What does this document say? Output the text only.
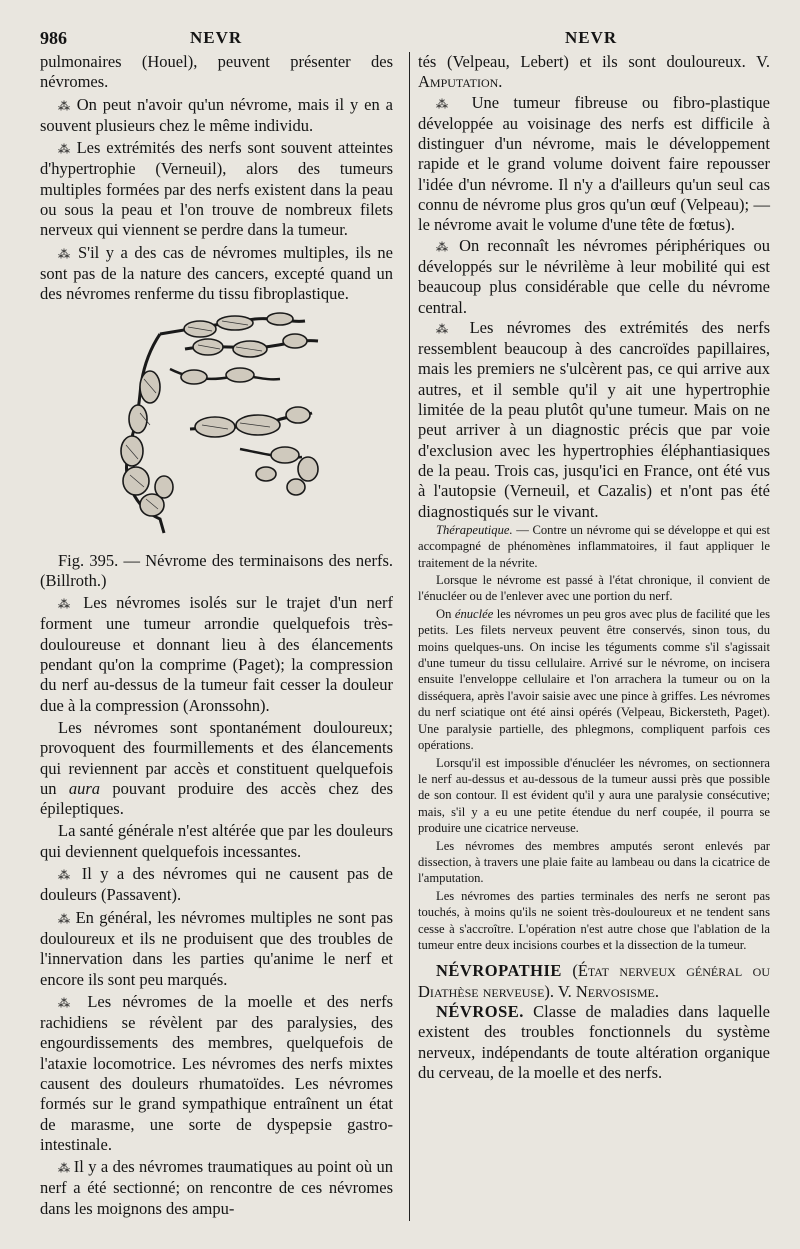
986	NEVR	NEVR

pulmonaires (Houel), peuvent présenter des névromes.

⁂ On peut n'avoir qu'un névrome, mais il y en a souvent plusieurs chez le même individu.

⁂ Les extrémités des nerfs sont souvent atteintes d'hypertrophie (Verneuil), alors des tumeurs multiples formées par des nerfs existent dans la peau ou sous la peau et l'on trouve de nombreux filets nerveux qui viennent se perdre dans la tumeur.

⁂ S'il y a des cas de névromes multiples, ils ne sont pas de la nature des cancers, excepté quand un des névromes renferme du tissu fibroplastique.

Fig. 395. — Névrome des terminaisons des nerfs. (Billroth.)

⁂ Les névromes isolés sur le trajet d'un nerf forment une tumeur arrondie quelquefois très-douloureuse et donnant lieu à des élancements pendant qu'on la comprime (Paget); la compression du nerf au-dessus de la tumeur fait cesser la douleur due à la compression (Aronssohn).

Les névromes sont spontanément douloureux; provoquent des fourmillements et des élancements qui reviennent par accès et constituent quelquefois un aura pouvant produire des accès chez des épileptiques.

La santé générale n'est altérée que par les douleurs qui deviennent quelquefois incessantes.

⁂ Il y a des névromes qui ne causent pas de douleurs (Passavent).

⁂ En général, les névromes multiples ne sont pas douloureux et ils ne produisent que des troubles de l'innervation dans les parties qu'anime le nerf et encore ils sont peu marqués.

⁂ Les névromes de la moelle et des nerfs rachidiens se révèlent par des paralysies, des engourdissements des membres, quelquefois de l'ataxie locomotrice. Les névromes des nerfs mixtes causent des douleurs rhumatoïdes. Les névromes formés sur le grand sympathique entraînent un état de marasme, une sorte de dyspepsie gastro-intestinale.

⁂ Il y a des névromes traumatiques au point où un nerf a été sectionné; on rencontre de ces névromes dans les moignons des ampu-

tés (Velpeau, Lebert) et ils sont douloureux. V. Amputation.

⁂ Une tumeur fibreuse ou fibro-plastique développée au voisinage des nerfs est difficile à distinguer d'un névrome, mais le développement rapide et le grand volume doivent faire repousser l'idée d'un névrome. Il n'y a d'ailleurs qu'un seul cas connu de névrome plus gros qu'un œuf (Velpeau); — le névrome avait le volume d'une tête de fœtus).

⁂ On reconnaît les névromes périphériques ou développés sur le névrilème à leur mobilité qui est beaucoup plus considérable que celle du névrome central.

⁂ Les névromes des extrémités des nerfs ressemblent beaucoup à des cancroïdes papillaires, mais les premiers ne s'ulcèrent pas, ce qui arrive aux autres, et il semble qu'il y ait une hypertrophie limitée de la peau plutôt qu'une tumeur. Mais on ne peut arriver à un diagnostic précis que par voie d'exclusion avec les hypertrophies éléphantiasiques de la peau. Trois cas, jusqu'ici en France, ont été vus à l'autopsie (Verneuil, et Cazalis) et n'ont pas été diagnostiqués sur le vivant.

Thérapeutique. — Contre un névrome qui se développe et qui est accompagné de phénomènes inflammatoires, il faut appliquer le traitement de la névrite.

Lorsque le névrome est passé à l'état chronique, il convient de l'énucléer ou de l'enlever avec une portion du nerf.

On énuclée les névromes un peu gros avec plus de facilité que les petits. Les filets nerveux peuvent être conservés, sinon tous, du moins quelques-uns. On incise les téguments comme s'il s'agissait d'une tumeur du tissu cellulaire. Arrivé sur le névrome, on incisera ensuite l'enveloppe cellulaire et l'on arrachera la tumeur ou on la disséquera, après l'avoir saisie avec une pince à griffes. Les névromes du nerf sciatique ont été ainsi opérés (Velpeau, Bickersteth, Paget). Une paralysie partielle, des phlegmons, compliquent parfois ces opérations.

Lorsqu'il est impossible d'énucléer les névromes, on sectionnera le nerf au-dessus et au-dessous de la tumeur aussi près que possible de son contour. Il est évident qu'il y aura une paralysie consécutive; mais, s'il y a eu une petite étendue du nerf coupée, il pourra se produire une cicatrice nerveuse.

Les névromes des membres amputés seront enlevés par dissection, à travers une plaie faite au lambeau ou dans la cicatrice de l'amputation.

Les névromes des parties terminales des nerfs ne seront pas touchés, à moins qu'ils ne soient très-douloureux et ne tendent sans cesse à s'accroître. L'opération n'est autre chose que l'ablation de la tumeur entre deux incisions courbes et la dissection de la tumeur.

NÉVROPATHIE (État nerveux général ou Diathèse nerveuse). V. Nervosisme.

NÉVROSE. Classe de maladies dans laquelle existent des troubles fonctionnels du système nerveux, indépendants de toute altération organique du cerveau, de la moelle et des nerfs.
